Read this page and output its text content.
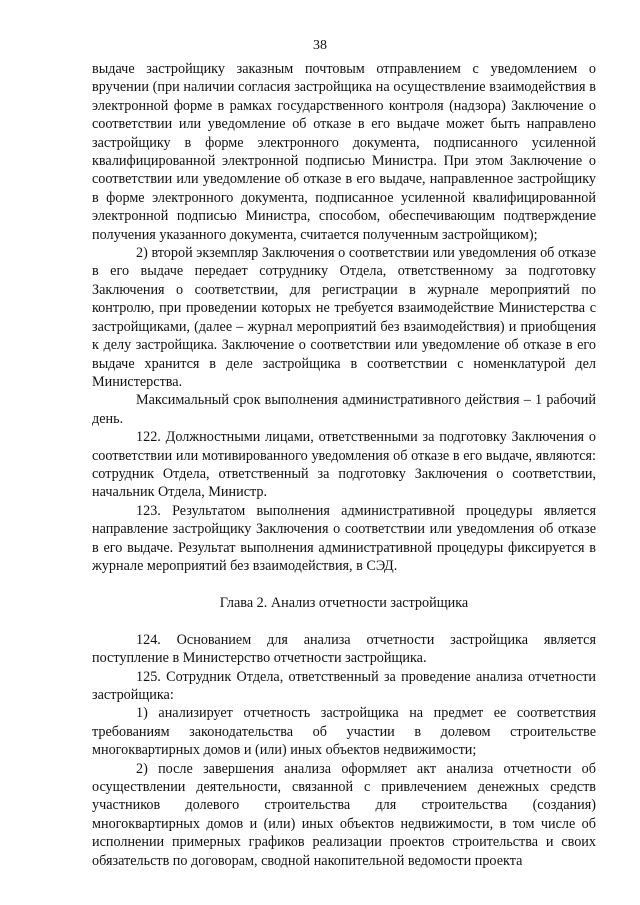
38

выдаче застройщику заказным почтовым отправлением с уведомлением о вручении (при наличии согласия застройщика на осуществление взаимодействия в электронной форме в рамках государственного контроля (надзора) Заключение о соответствии или уведомление об отказе в его выдаче может быть направлено застройщику в форме электронного документа, подписанного усиленной квалифицированной электронной подписью Министра. При этом Заключение о соответствии или уведомление об отказе в его выдаче, направленное застройщику в форме электронного документа, подписанное усиленной квалифицированной электронной подписью Министра, способом, обеспечивающим подтверждение получения указанного документа, считается полученным застройщиком);

2) второй экземпляр Заключения о соответствии или уведомления об отказе в его выдаче передает сотруднику Отдела, ответственному за подготовку Заключения о соответствии, для регистрации в журнале мероприятий по контролю, при проведении которых не требуется взаимодействие Министерства с застройщиками, (далее – журнал мероприятий без взаимодействия) и приобщения к делу застройщика. Заключение о соответствии или уведомление об отказе в его выдаче хранится в деле застройщика в соответствии с номенклатурой дел Министерства.

Максимальный срок выполнения административного действия – 1 рабочий день.

122. Должностными лицами, ответственными за подготовку Заключения о соответствии или мотивированного уведомления об отказе в его выдаче, являются: сотрудник Отдела, ответственный за подготовку Заключения о соответствии, начальник Отдела, Министр.

123. Результатом выполнения административной процедуры является направление застройщику Заключения о соответствии или уведомления об отказе в его выдаче. Результат выполнения административной процедуры фиксируется в журнале мероприятий без взаимодействия, в СЭД.

Глава 2. Анализ отчетности застройщика

124. Основанием для анализа отчетности застройщика является поступление в Министерство отчетности застройщика.

125. Сотрудник Отдела, ответственный за проведение анализа отчетности застройщика:

1) анализирует отчетность застройщика на предмет ее соответствия требованиям законодательства об участии в долевом строительстве многоквартирных домов и (или) иных объектов недвижимости;

2) после завершения анализа оформляет акт анализа отчетности об осуществлении деятельности, связанной с привлечением денежных средств участников долевого строительства для строительства (создания) многоквартирных домов и (или) иных объектов недвижимости, в том числе об исполнении примерных графиков реализации проектов строительства и своих обязательств по договорам, сводной накопительной ведомости проекта
